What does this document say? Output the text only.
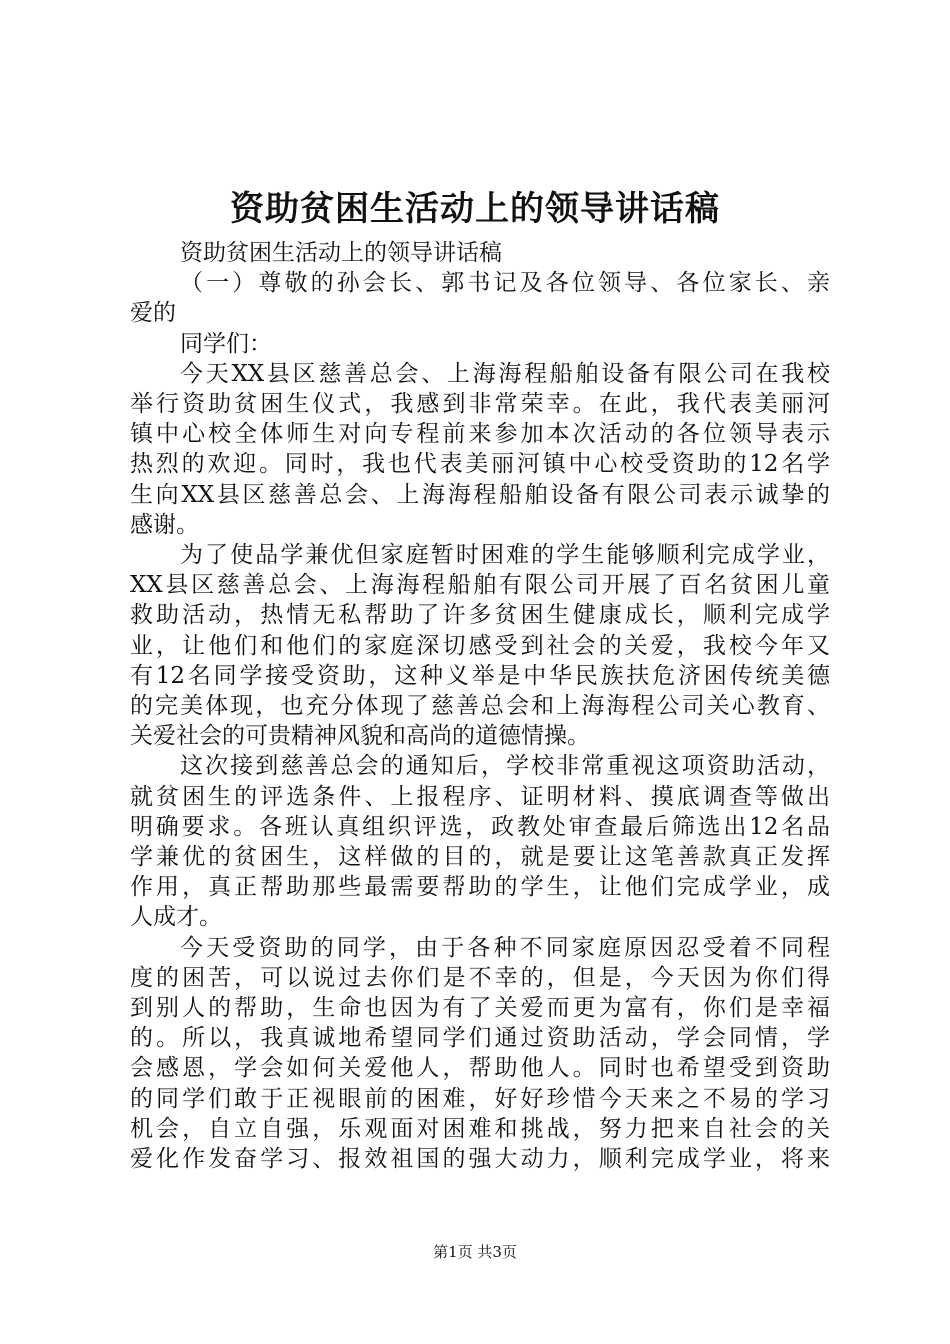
资助贫困生活动上的领导讲话稿
资助贫困生活动上的领导讲话稿
（一）尊敬的孙会长、郭书记及各位领导、各位家长、亲
爱的
同学们：
今天XX县区慈善总会、上海海程船舶设备有限公司在我校
举行资助贫困生仪式，我感到非常荣幸。在此，我代表美丽河
镇中心校全体师生对向专程前来参加本次活动的各位领导表示
热烈的欢迎。同时，我也代表美丽河镇中心校受资助的12名学
生向XX县区慈善总会、上海海程船舶设备有限公司表示诚挚的
感谢。
为了使品学兼优但家庭暂时困难的学生能够顺利完成学业，
XX县区慈善总会、上海海程船舶有限公司开展了百名贫困儿童
救助活动，热情无私帮助了许多贫困生健康成长，顺利完成学
业，让他们和他们的家庭深切感受到社会的关爱，我校今年又
有12名同学接受资助，这种义举是中华民族扶危济困传统美德
的完美体现，也充分体现了慈善总会和上海海程公司关心教育、
关爱社会的可贵精神风貌和高尚的道德情操。
这次接到慈善总会的通知后，学校非常重视这项资助活动，
就贫困生的评选条件、上报程序、证明材料、摸底调查等做出
明确要求。各班认真组织评选，政教处审查最后筛选出12名品
学兼优的贫困生，这样做的目的，就是要让这笔善款真正发挥
作用，真正帮助那些最需要帮助的学生，让他们完成学业，成
人成才。
今天受资助的同学，由于各种不同家庭原因忍受着不同程
度的困苦，可以说过去你们是不幸的，但是，今天因为你们得
到别人的帮助，生命也因为有了关爱而更为富有，你们是幸福
的。所以，我真诚地希望同学们通过资助活动，学会同情，学
会感恩，学会如何关爱他人，帮助他人。同时也希望受到资助
的同学们敢于正视眼前的困难，好好珍惜今天来之不易的学习
机会，自立自强，乐观面对困难和挑战，努力把来自社会的关
爱化作发奋学习、报效祖国的强大动力，顺利完成学业，将来
第1页 共3页
